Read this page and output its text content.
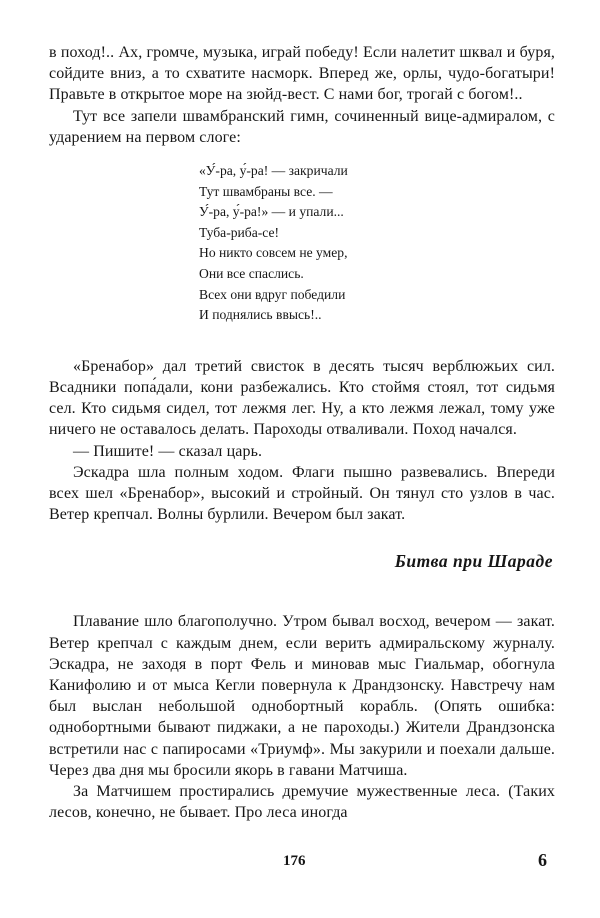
в поход!.. Ах, громче, музыка, играй победу! Если налетит шквал и буря, сойдите вниз, а то схватите насморк. Вперед же, орлы, чудо-богатыри! Правьте в открытое море на зюйд-вест. С нами бог, трогай с богом!..

Тут все запели швамбранский гимн, сочиненный вице-адмиралом, с ударением на первом слоге:

«У́-ра, у́-ра! — закричали
Тут швамбраны все. —
У́-ра, у́-ра!» — и упали...
Туба-риба-се!
Но никто совсем не умер,
Они все спаслись.
Всех они вдруг победили
И поднялись ввысь!..

«Бренабор» дал третий свисток в десять тысяч верблюжьих сил. Всадники попа́дали, кони разбежались. Кто стоймя стоял, тот сидьмя сел. Кто сидьмя сидел, тот лежмя лег. Ну, а кто лежмя лежал, тому уже ничего не оставалось делать. Пароходы отваливали. Поход начался.

— Пишите! — сказал царь.

Эскадра шла полным ходом. Флаги пышно развевались. Впереди всех шел «Бренабор», высокий и стройный. Он тянул сто узлов в час. Ветер крепчал. Волны бурлили. Вечером был закат.

Битва при Шараде

Плавание шло благополучно. Утром бывал восход, вечером — закат. Ветер крепчал с каждым днем, если верить адмиральскому журналу. Эскадра, не заходя в порт Фель и миновав мыс Гиальмар, обогнула Канифолию и от мыса Кегли повернула к Драндзонску. Навстречу нам был выслан небольшой однобортный корабль. (Опять ошибка: однобортными бывают пиджаки, а не пароходы.) Жители Драндзонска встретили нас с папиросами «Триумф». Мы закурили и поехали дальше. Через два дня мы бросили якорь в гавани Матчиша.

За Матчишем простирались дремучие мужественные леса. (Таких лесов, конечно, не бывает. Про леса иногда

176	6
